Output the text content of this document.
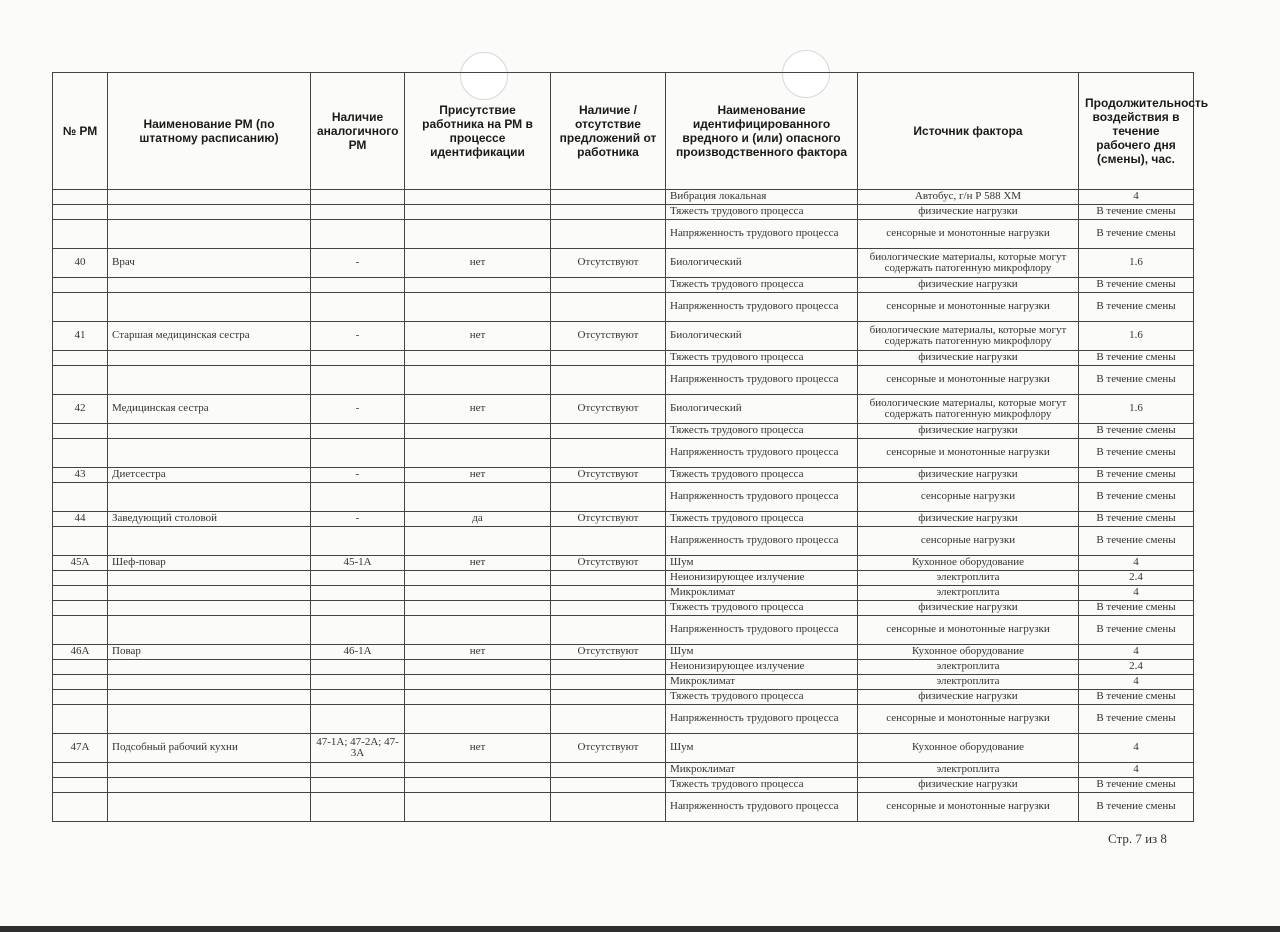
№ РМ	Наименование РМ (по штатному расписанию)	Наличие аналогичного РМ	Присутствие работника на РМ в процессе идентификации	Наличие / отсутствие предложений от работника	Наименование идентифицированного вредного и (или) опасного производственного фактора	Источник фактора	Продолжительность воздействия в течение рабочего дня (смены), час.
					Вибрация локальная	Автобус, г/н Р 588 ХМ	4
					Тяжесть трудового процесса	физические нагрузки	В течение смены
					Напряженность трудового процесса	сенсорные и монотонные нагрузки	В течение смены
40	Врач	-	нет	Отсутствуют	Биологический	биологические материалы, которые могут содержать патогенную микрофлору	1.6
					Тяжесть трудового процесса	физические нагрузки	В течение смены
					Напряженность трудового процесса	сенсорные и монотонные нагрузки	В течение смены
41	Старшая медицинская сестра	-	нет	Отсутствуют	Биологический	биологические материалы, которые могут содержать патогенную микрофлору	1.6
					Тяжесть трудового процесса	физические нагрузки	В течение смены
					Напряженность трудового процесса	сенсорные и монотонные нагрузки	В течение смены
42	Медицинская сестра	-	нет	Отсутствуют	Биологический	биологические материалы, которые могут содержать патогенную микрофлору	1.6
					Тяжесть трудового процесса	физические нагрузки	В течение смены
					Напряженность трудового процесса	сенсорные и монотонные нагрузки	В течение смены
43	Диетсестра	-	нет	Отсутствуют	Тяжесть трудового процесса	физические нагрузки	В течение смены
					Напряженность трудового процесса	сенсорные нагрузки	В течение смены
44	Заведующий столовой	-	да	Отсутствуют	Тяжесть трудового процесса	физические нагрузки	В течение смены
					Напряженность трудового процесса	сенсорные нагрузки	В течение смены
45А	Шеф-повар	45-1А	нет	Отсутствуют	Шум	Кухонное оборудование	4
					Неионизирующее излучение	электроплита	2.4
					Микроклимат	электроплита	4
					Тяжесть трудового процесса	физические нагрузки	В течение смены
					Напряженность трудового процесса	сенсорные и монотонные нагрузки	В течение смены
46А	Повар	46-1А	нет	Отсутствуют	Шум	Кухонное оборудование	4
					Неионизирующее излучение	электроплита	2.4
					Микроклимат	электроплита	4
					Тяжесть трудового процесса	физические нагрузки	В течение смены
					Напряженность трудового процесса	сенсорные и монотонные нагрузки	В течение смены
47А	Подсобный рабочий кухни	47-1А; 47-2А; 47-3А	нет	Отсутствуют	Шум	Кухонное оборудование	4
					Микроклимат	электроплита	4
					Тяжесть трудового процесса	физические нагрузки	В течение смены
					Напряженность трудового процесса	сенсорные и монотонные нагрузки	В течение смены
Стр. 7 из 8
